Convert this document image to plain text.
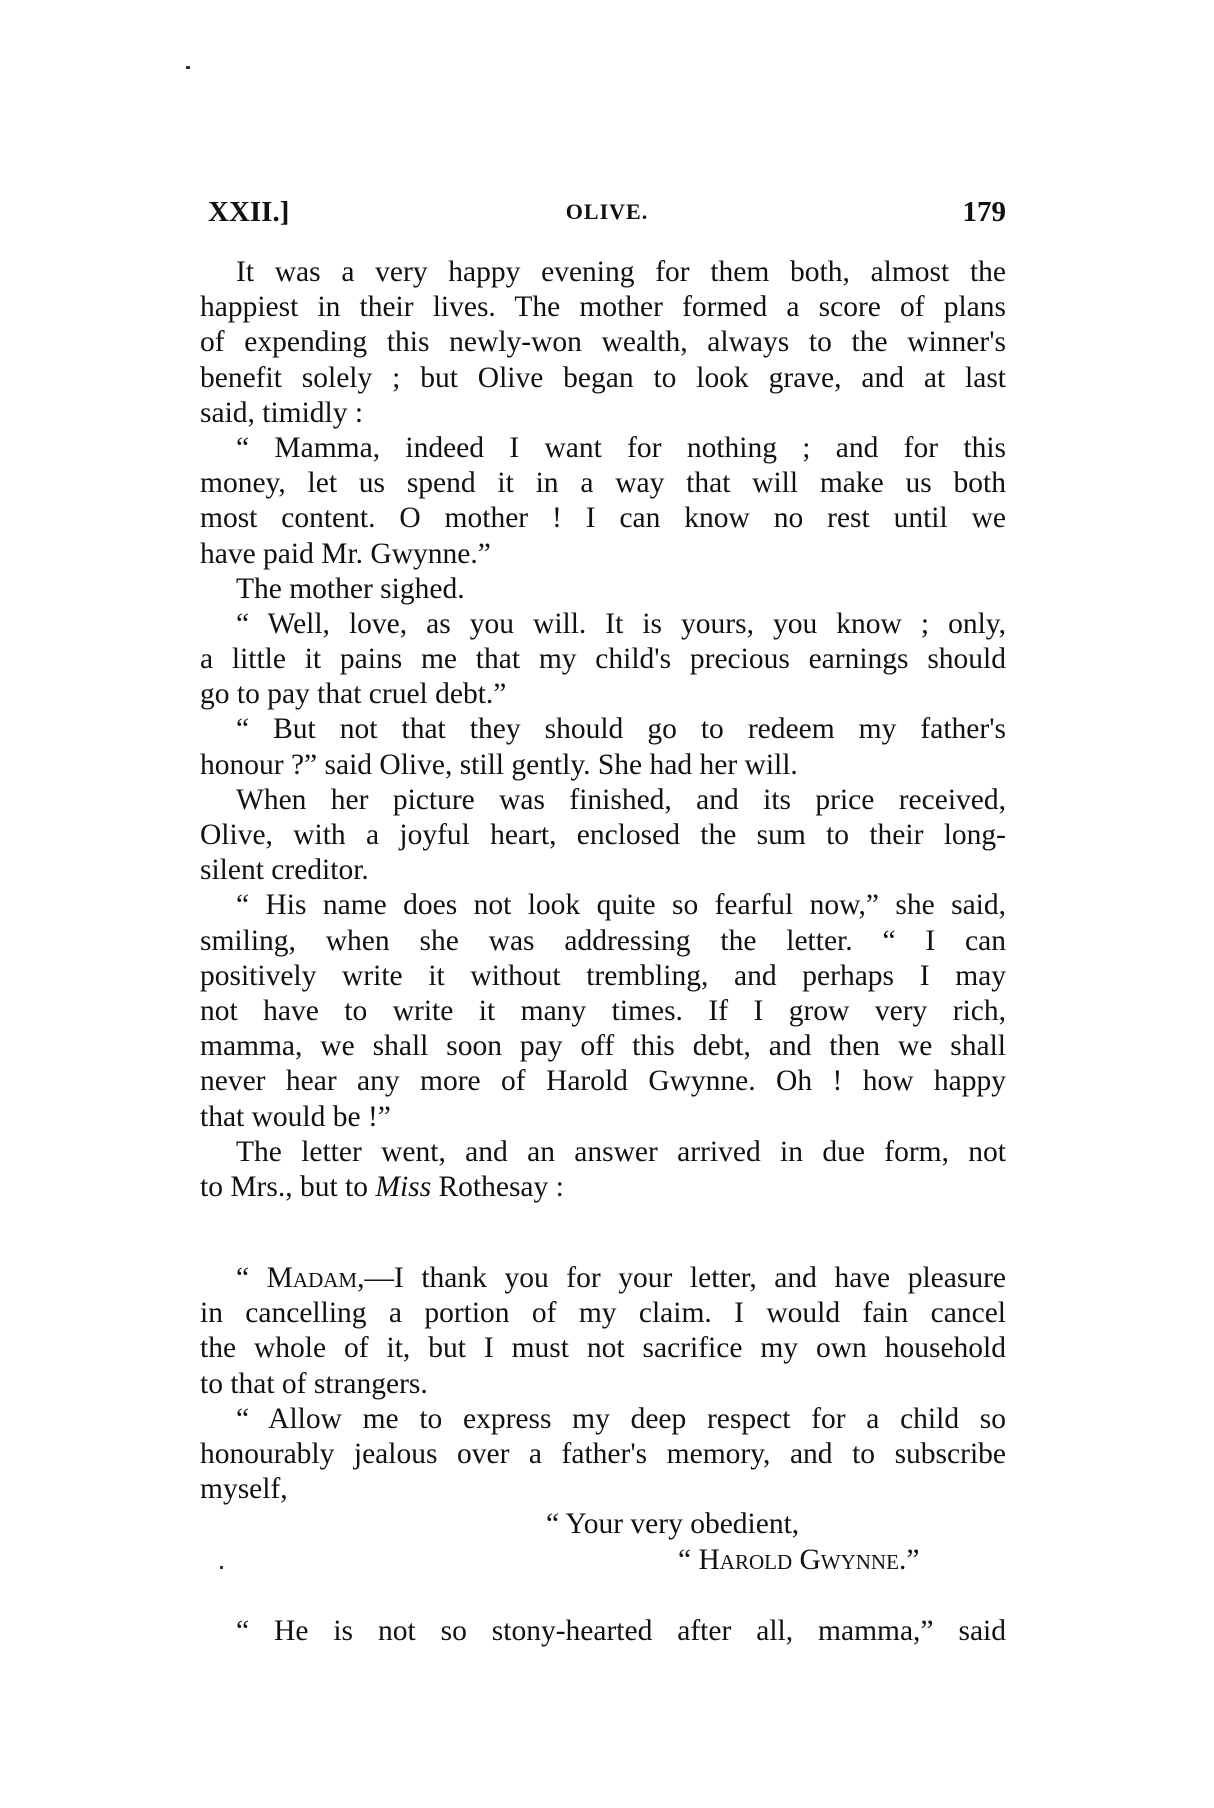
XXII.]	OLIVE.	179
It was a very happy evening for them both, almost the
happiest in their lives. The mother formed a score of plans
of expending this newly-won wealth, always to the winner's
benefit solely ; but Olive began to look grave, and at last
said, timidly :
“ Mamma, indeed I want for nothing ; and for this
money, let us spend it in a way that will make us both
most content. O mother ! I can know no rest until we
have paid Mr. Gwynne.”
The mother sighed.
“ Well, love, as you will. It is yours, you know ; only,
a little it pains me that my child's precious earnings should
go to pay that cruel debt.”
“ But not that they should go to redeem my father's
honour ?” said Olive, still gently. She had her will.
When her picture was finished, and its price received,
Olive, with a joyful heart, enclosed the sum to their long-
silent creditor.
“ His name does not look quite so fearful now,” she said,
smiling, when she was addressing the letter. “ I can
positively write it without trembling, and perhaps I may
not have to write it many times. If I grow very rich,
mamma, we shall soon pay off this debt, and then we shall
never hear any more of Harold Gwynne. Oh ! how happy
that would be !”
The letter went, and an answer arrived in due form, not
to Mrs., but to Miss Rothesay :
“ Madam,—I thank you for your letter, and have pleasure
in cancelling a portion of my claim. I would fain cancel
the whole of it, but I must not sacrifice my own household
to that of strangers.
“ Allow me to express my deep respect for a child so
honourably jealous over a father's memory, and to subscribe
myself,
“ Your very obedient,
“ Harold Gwynne.”
“ He is not so stony-hearted after all, mamma,” said
